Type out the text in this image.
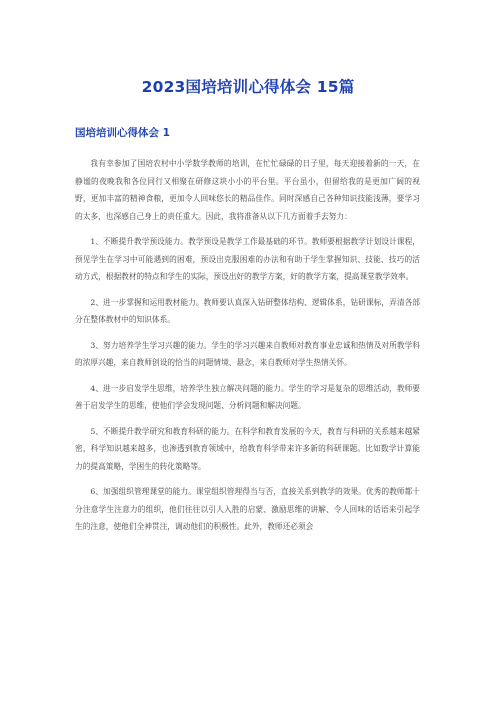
2023国培培训心得体会 15篇
国培培训心得体会 1

我有幸参加了国培农村中小学数学教师的培训，在忙忙碌碌的日子里，每天迎接着新的一天，在静谧的夜晚我和各位同行又相聚在研修这块小小的平台里。平台虽小，但留给我的是更加广阔的视野，更加丰富的精神食粮，更加令人回味悠长的精品佳作。同时深感自己各种知识技能浅薄，要学习的太多，也深感自己身上的责任重大。因此，我将准备从以下几方面着手去努力：

1、不断提升教学预设能力。教学预设是教学工作最基础的环节。教师要根据教学计划设计课程，预见学生在学习中可能遇到的困难，预设出克服困难的办法和有助于学生掌握知识、技能、技巧的活动方式，根据教材的特点和学生的实际，预设出好的教学方案，好的教学方案，提高课堂教学效率。

2、进一步掌握和运用教材能力。教师要认真深入钻研整体结构、逻辑体系，钻研课标，弄清各部分在整体教材中的知识体系。

3、努力培养学生学习兴趣的能力。学生的学习兴趣来自教师对教育事业忠诚和热情及对所教学科的浓厚兴趣，来自教师创设的恰当的问题情境、悬念，来自教师对学生热情关怀。

4、进一步启发学生思维，培养学生独立解决问题的能力。学生的学习是复杂的思维活动，教师要善于启发学生的思维，使他们学会发现问题、分析问题和解决问题。

5、不断提升教学研究和教育科研的能力。在科学和教育发展的今天，教育与科研的关系越来越紧密，科学知识越来越多，也渗透到教育领域中，给教育科学带来许多新的科研课题。比如数学计算能力的提高策略，学困生的转化策略等。

6、加强组织管理课堂的能力。课堂组织管理得当与否，直接关系到教学的效果。优秀的教师都十分注意学生注意力的组织，他们往往以引人入胜的启蒙、激励思维的讲解、令人回味的话语来引起学生的注意，使他们全神贯注，调动他们的积极性。此外，教师还必须会
